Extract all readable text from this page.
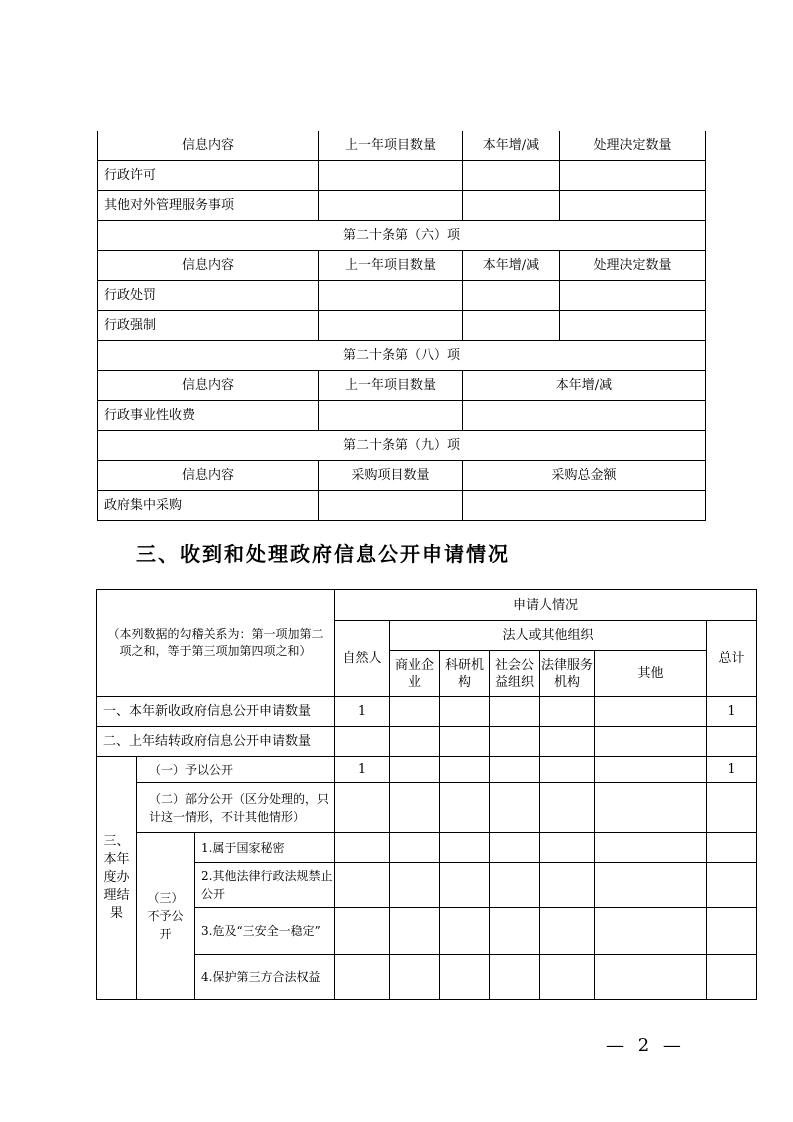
信息内容	上一年项目数量	本年增/减	处理决定数量
行政许可			
其他对外管理服务事项			
第二十条第（六）项			
信息内容	上一年项目数量	本年增/减	处理决定数量
行政处罚			
行政强制			
第二十条第（八）项			
信息内容	上一年项目数量	本年增/减	
行政事业性收费			
第二十条第（九）项			
信息内容	采购项目数量	采购总金额	
政府集中采购			
三、收到和处理政府信息公开申请情况
（本列数据的勾稽关系为：第一项加第二项之和，等于第三项加第四项之和）			申请人情况						
			自然人	法人或其他组织					总计
				商业企业	科研机构	社会公益组织	法律服务机构	其他	
一、本年新收政府信息公开申请数量			1						1
二、上年结转政府信息公开申请数量									
三、本年度办理结果	（一）予以公开		1						1
	（二）部分公开（区分处理的，只计这一情形，不计其他情形）								
	（三）不予公开	1.属于国家秘密							
		2.其他法律行政法规禁止公开							
		3.危及“三安全一稳定”							
		4.保护第三方合法权益							
— 2 —
